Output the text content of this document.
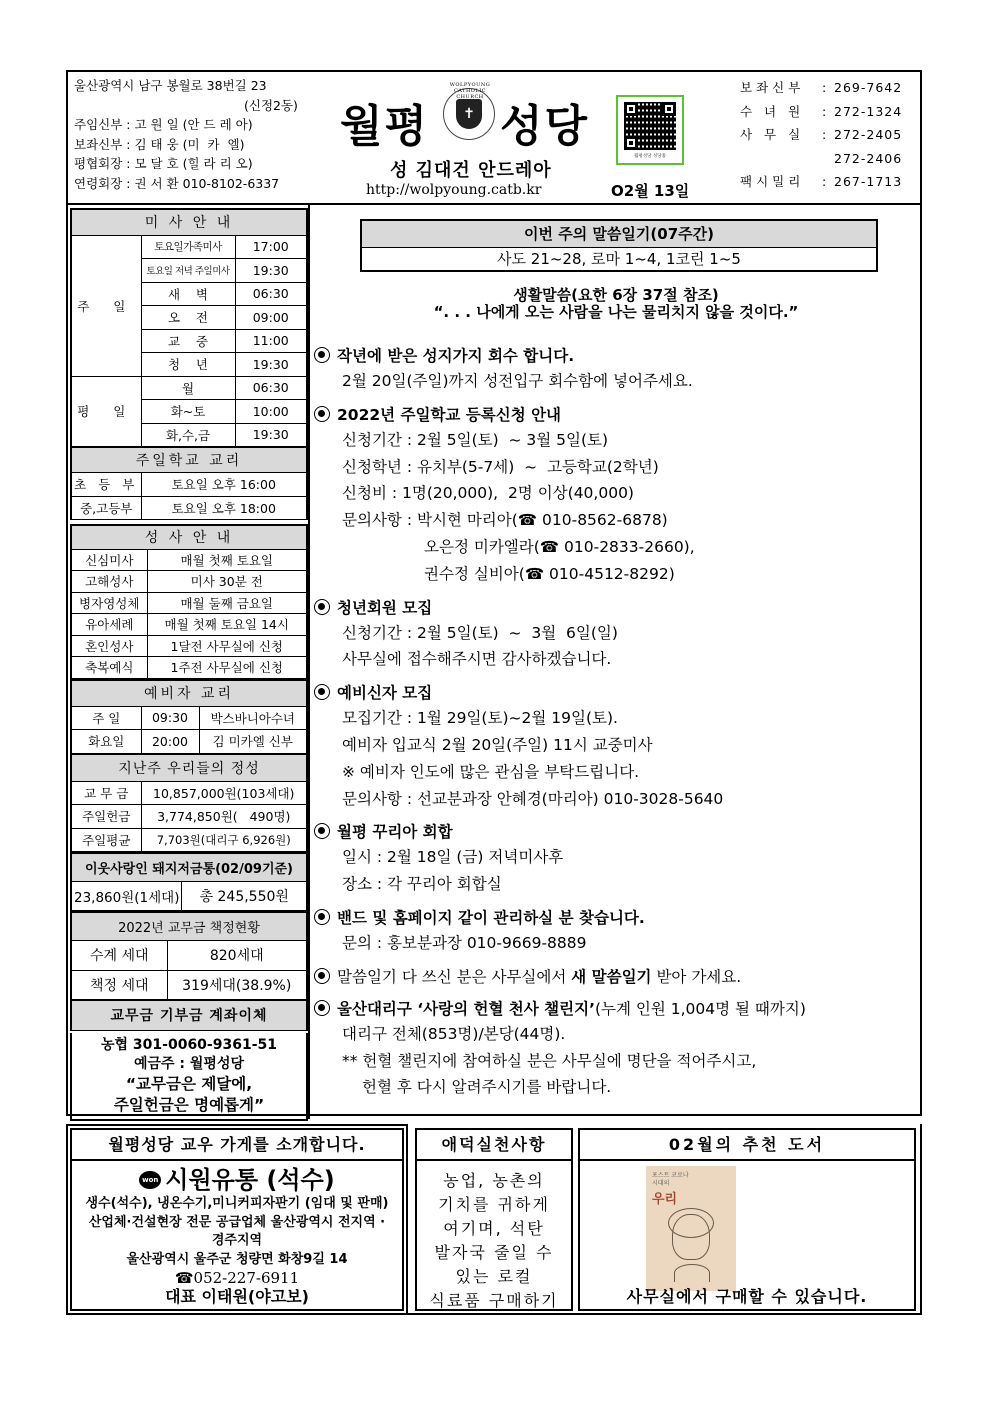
울산광역시 남구 봉월로 38번길 23
(신정2동)
주임신부 : 고 원 일 (안 드 레 아)
보좌신부 : 김 태 웅 (미  카  엘)
평협회장 : 모 달 호 (힐 라 리 오)
연령회장 : 권 서 환 010-8102-6337
월평
WOLPYOUNG CATHOLIC CHURCH
✝ 성당
성 김대건 안드레아
http://wolpyoung.catb.kr	O2월 13일
월평성당 성당홈
보좌신부	: 269-7642
수 녀 원	: 272-1324
사 무 실	: 272-2405
272-2406
팩시밀리	: 267-1713
미 사 안 내		
주 일	토요일가족미사	17:00
	토요일 저녁 주일미사	19:30
	새    벽	06:30
	오    전	09:00
	교    중	11:00
	청    년	19:30
평 일	월	06:30
	화~토	10:00
	화,수,금	19:30
주일학교 교리		
초 등 부	토요일 오후 16:00	
중,고등부	토요일 오후 18:00	
성 사 안 내	
신심미사	매월 첫째 토요일
고해성사	미사 30분 전
병자영성체	매월 둘째 금요일
유아세례	매월 첫째 토요일 14시
혼인성사	1달전 사무실에 신청
축복예식	1주전 사무실에 신청
예비자 교리		
주 일	09:30	박스바니아수녀
화요일	20:00	김 미카엘 신부
지난주 우리들의 정성	
교 무 금	10,857,000원(103세대)
주일헌금	3,774,850원(   490명)
주일평균	7,703원(대리구 6,926원)
이웃사랑인 돼지저금통(02/09기준)
23,860원(1세대)	총 245,550원
2022년 교무금 책정현황	
수계 세대	820세대
책정 세대	319세대(38.9%)
교무금 기부금 계좌이체	
농협 301-0060-9361-51
예금주 : 월평성당
“교무금은 제달에,
주일헌금은 명예롭게”
이번 주의 말씀일기(07주간)
사도 21~28, 로마 1~4, 1코린 1~5
생활말씀(요한 6장 37절 참조)
“. . . 나에게 오는 사람을 나는 물리치지 않을 것이다.”
작년에 받은 성지가지 회수 합니다.
2월 20일(주일)까지 성전입구 회수함에 넣어주세요.
2022년 주일학교 등록신청 안내
신청기간 : 2월 5일(토)  ~ 3월 5일(토)
신청학년 : 유치부(5-7세)  ~  고등학교(2학년)
신청비 : 1명(20,000),  2명 이상(40,000)
문의사항 : 박시현 마리아(☎ 010-8562-6878)
오은정 미카엘라(☎ 010-2833-2660),
권수정 실비아(☎ 010-4512-8292)
청년회원 모집
신청기간 : 2월 5일(토)  ~  3월  6일(일)
사무실에 접수해주시면 감사하겠습니다.
예비신자 모집
모집기간 : 1월 29일(토)~2월 19일(토).
예비자 입교식 2월 20일(주일) 11시 교중미사
※ 예비자 인도에 많은 관심을 부탁드립니다.
문의사항 : 선교분과장 안혜경(마리아) 010-3028-5640
월평 꾸리아 회합
일시 : 2월 18일 (금) 저녁미사후
장소 : 각 꾸리아 회합실
밴드 및 홈페이지 같이 관리하실 분 찾습니다.
문의 : 홍보분과장 010-9669-8889
말씀일기 다 쓰신 분은 사무실에서 새 말씀일기 받아 가세요.
울산대리구 ‘사랑의 헌혈 천사 챌린지’ (누계 인원 1,004명 될 때까지)
대리구 전체(853명)/본당(44명).
** 헌혈 챌린지에 참여하실 분은 사무실에 명단을 적어주시고,
헌혈 후 다시 알려주시기를 바랍니다.
월평성당 교우 가게를 소개합니다.
won 시원유통 (석수)
생수(석수), 냉온수기,미니커피자판기 (임대 및 판매)
산업체·건설현장 전문 공급업체 울산광역시 전지역 ·
경주지역
울산광역시 울주군 청량면 화창9길 14
☎052-227-6911
대표 이태원(야고보)
애덕실천사항
농업, 농촌의
기치를 귀하게
여기며, 석탄
발자국 줄일 수
있는 로컬
식료품 구매하기
02월의 추천 도서
포스트 코로나
시대의
우리
사무실에서 구매할 수 있습니다.
